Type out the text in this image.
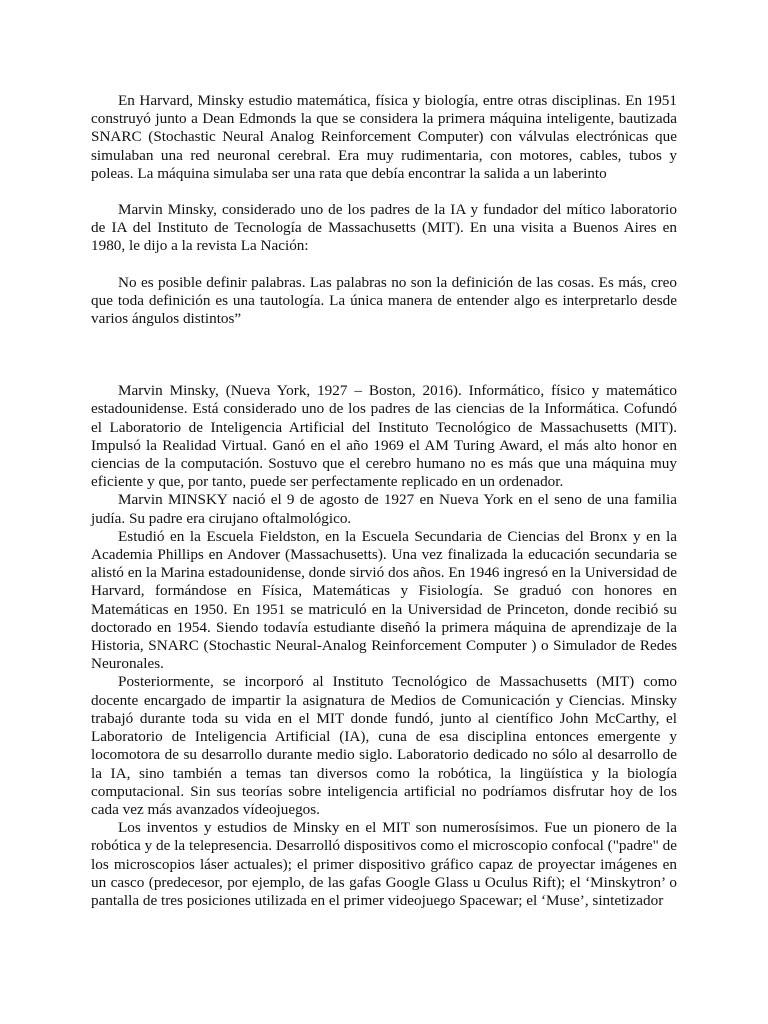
En Harvard, Minsky estudio matemática, física y biología, entre otras disciplinas. En 1951 construyó junto a Dean Edmonds la que se considera la primera máquina inteligente, bautizada SNARC (Stochastic Neural Analog Reinforcement Computer) con válvulas electrónicas que simulaban una red neuronal cerebral. Era muy rudimentaria, con motores, cables, tubos y poleas. La máquina simulaba ser una rata que debía encontrar la salida a un laberinto

Marvin Minsky, considerado uno de los padres de la IA y fundador del mítico laboratorio de IA del Instituto de Tecnología de Massachusetts (MIT). En una visita a Buenos Aires en 1980, le dijo a la revista La Nación:

No es posible definir palabras. Las palabras no son la definición de las cosas. Es más, creo que toda definición es una tautología. La única manera de entender algo es interpretarlo desde varios ángulos distintos”

Marvin Minsky, (Nueva York, 1927 – Boston, 2016). Informático, físico y matemático estadounidense. Está considerado uno de los padres de las ciencias de la Informática. Cofundó el Laboratorio de Inteligencia Artificial del Instituto Tecnológico de Massachusetts (MIT). Impulsó la Realidad Virtual. Ganó en el año 1969 el AM Turing Award, el más alto honor en ciencias de la computación. Sostuvo que el cerebro humano no es más que una máquina muy eficiente y que, por tanto, puede ser perfectamente replicado en un ordenador.

Marvin MINSKY nació el 9 de agosto de 1927 en Nueva York en el seno de una familia judía. Su padre era cirujano oftalmológico.

Estudió en la Escuela Fieldston, en la Escuela Secundaria de Ciencias del Bronx y en la Academia Phillips en Andover (Massachusetts). Una vez finalizada la educación secundaria se alistó en la Marina estadounidense, donde sirvió dos años. En 1946 ingresó en la Universidad de Harvard, formándose en Física, Matemáticas y Fisiología. Se graduó con honores en Matemáticas en 1950. En 1951 se matriculó en la Universidad de Princeton, donde recibió su doctorado en 1954. Siendo todavía estudiante diseñó la primera máquina de aprendizaje de la Historia, SNARC (Stochastic Neural-Analog Reinforcement Computer ) o Simulador de Redes Neuronales.

Posteriormente, se incorporó al Instituto Tecnológico de Massachusetts (MIT) como docente encargado de impartir la asignatura de Medios de Comunicación y Ciencias. Minsky trabajó durante toda su vida en el MIT donde fundó, junto al científico John McCarthy, el Laboratorio de Inteligencia Artificial (IA), cuna de esa disciplina entonces emergente y locomotora de su desarrollo durante medio siglo. Laboratorio dedicado no sólo al desarrollo de la IA, sino también a temas tan diversos como la robótica, la lingüística y la biología computacional. Sin sus teorías sobre inteligencia artificial no podríamos disfrutar hoy de los cada vez más avanzados vídeojuegos.

Los inventos y estudios de Minsky en el MIT son numerosísimos. Fue un pionero de la robótica y de la telepresencia. Desarrolló dispositivos como el microscopio confocal ("padre" de los microscopios láser actuales); el primer dispositivo gráfico capaz de proyectar imágenes en un casco (predecesor, por ejemplo, de las gafas Google Glass u Oculus Rift); el ‘Minskytron’ o pantalla de tres posiciones utilizada en el primer videojuego Spacewar; el ‘Muse’, sintetizador
